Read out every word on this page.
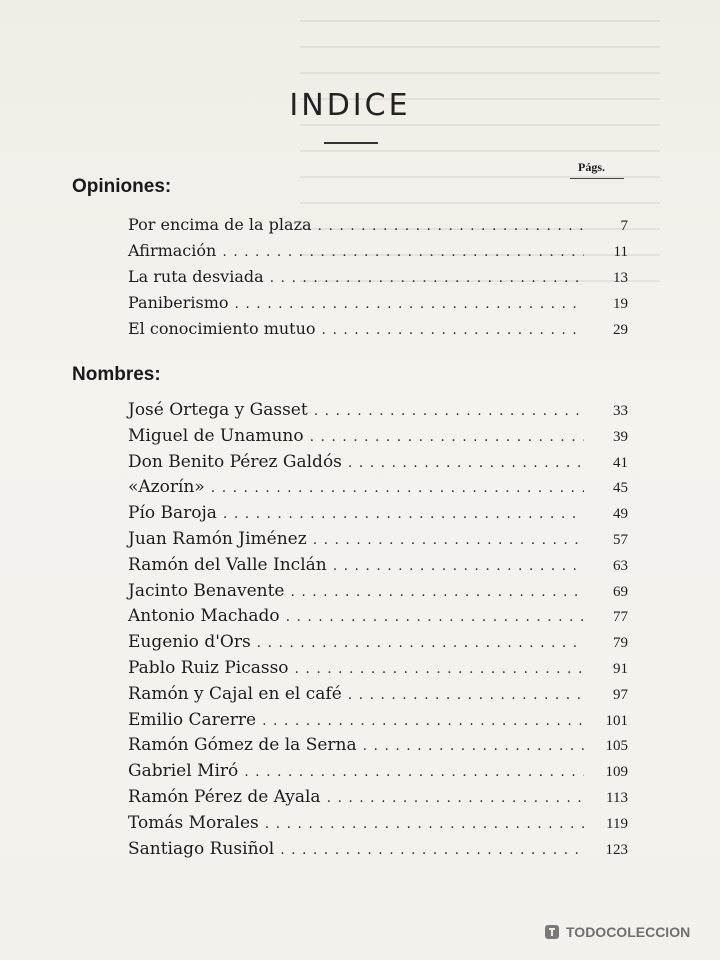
INDICE
Págs.
Opiniones:
Por encima de la plaza . . .	7
Afirmación . . .	11
La ruta desviada . . .	13
Paniberismo . . .	19
El conocimiento mutuo . . .	29
Nombres:
José Ortega y Gasset . . .	33
Miguel de Unamuno . . .	39
Don Benito Pérez Galdós . . .	41
«Azorín» . . .	45
Pío Baroja . . .	49
Juan Ramón Jiménez . . .	57
Ramón del Valle Inclán . . .	63
Jacinto Benavente . . .	69
Antonio Machado . . .	77
Eugenio d'Ors . . .	79
Pablo Ruiz Picasso . . .	91
Ramón y Cajal en el café . . .	97
Emilio Carerre . . .	101
Ramón Gómez de la Serna . . .	105
Gabriel Miró . . .	109
Ramón Pérez de Ayala . . .	113
Tomás Morales . . .	119
Santiago Rusiñol . . .	123
TODOCOLECCION
